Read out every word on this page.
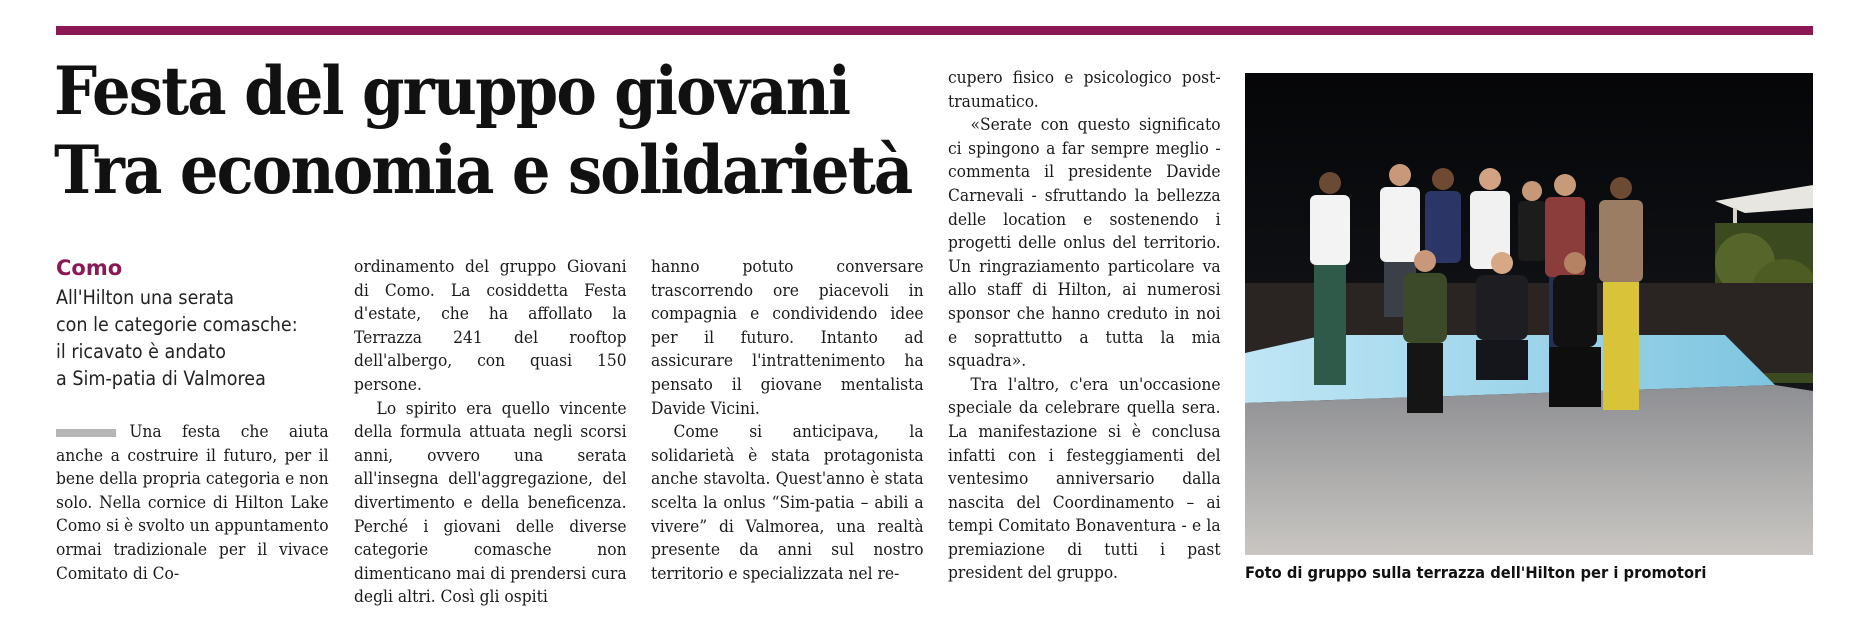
Festa del gruppo giovani
Tra economia e solidarietà
Como
All'Hilton una serata
con le categorie comasche:
il ricavato è andato
a Sim-patia di Valmorea

Una festa che aiuta anche a costruire il futuro, per il bene della propria categoria e non solo. Nella cornice di Hilton Lake Como si è svolto un appuntamento ormai tradizionale per il vivace Comitato di Co-

ordinamento del gruppo Giovani di Como. La cosiddetta Festa d'estate, che ha affollato la Terrazza 241 del rooftop dell'albergo, con quasi 150 persone.

Lo spirito era quello vincente della formula attuata negli scorsi anni, ovvero una serata all'insegna dell'aggregazione, del divertimento e della beneficenza. Perché i giovani delle diverse categorie comasche non dimenticano mai di prendersi cura degli altri. Così gli ospiti

hanno potuto conversare trascorrendo ore piacevoli in compagnia e condividendo idee per il futuro. Intanto ad assicurare l'intrattenimento ha pensato il giovane mentalista Davide Vicini.

Come si anticipava, la solidarietà è stata protagonista anche stavolta. Quest'anno è stata scelta la onlus “Sim-patia – abili a vivere” di Valmorea, una realtà presente da anni sul nostro territorio e specializzata nel re-

cupero fisico e psicologico post-traumatico.

«Serate con questo significato ci spingono a far sempre meglio - commenta il presidente Davide Carnevali - sfruttando la bellezza delle location e sostenendo i progetti delle onlus del territorio. Un ringraziamento particolare va allo staff di Hilton, ai numerosi sponsor che hanno creduto in noi e soprattutto a tutta la mia squadra».

Tra l'altro, c'era un'occasione speciale da celebrare quella sera. La manifestazione si è conclusa infatti con i festeggiamenti del ventesimo anniversario dalla nascita del Coordinamento – ai tempi Comitato Bonaventura - e la premiazione di tutti i past president del gruppo.	Foto di gruppo sulla terrazza dell'Hilton per i promotori
